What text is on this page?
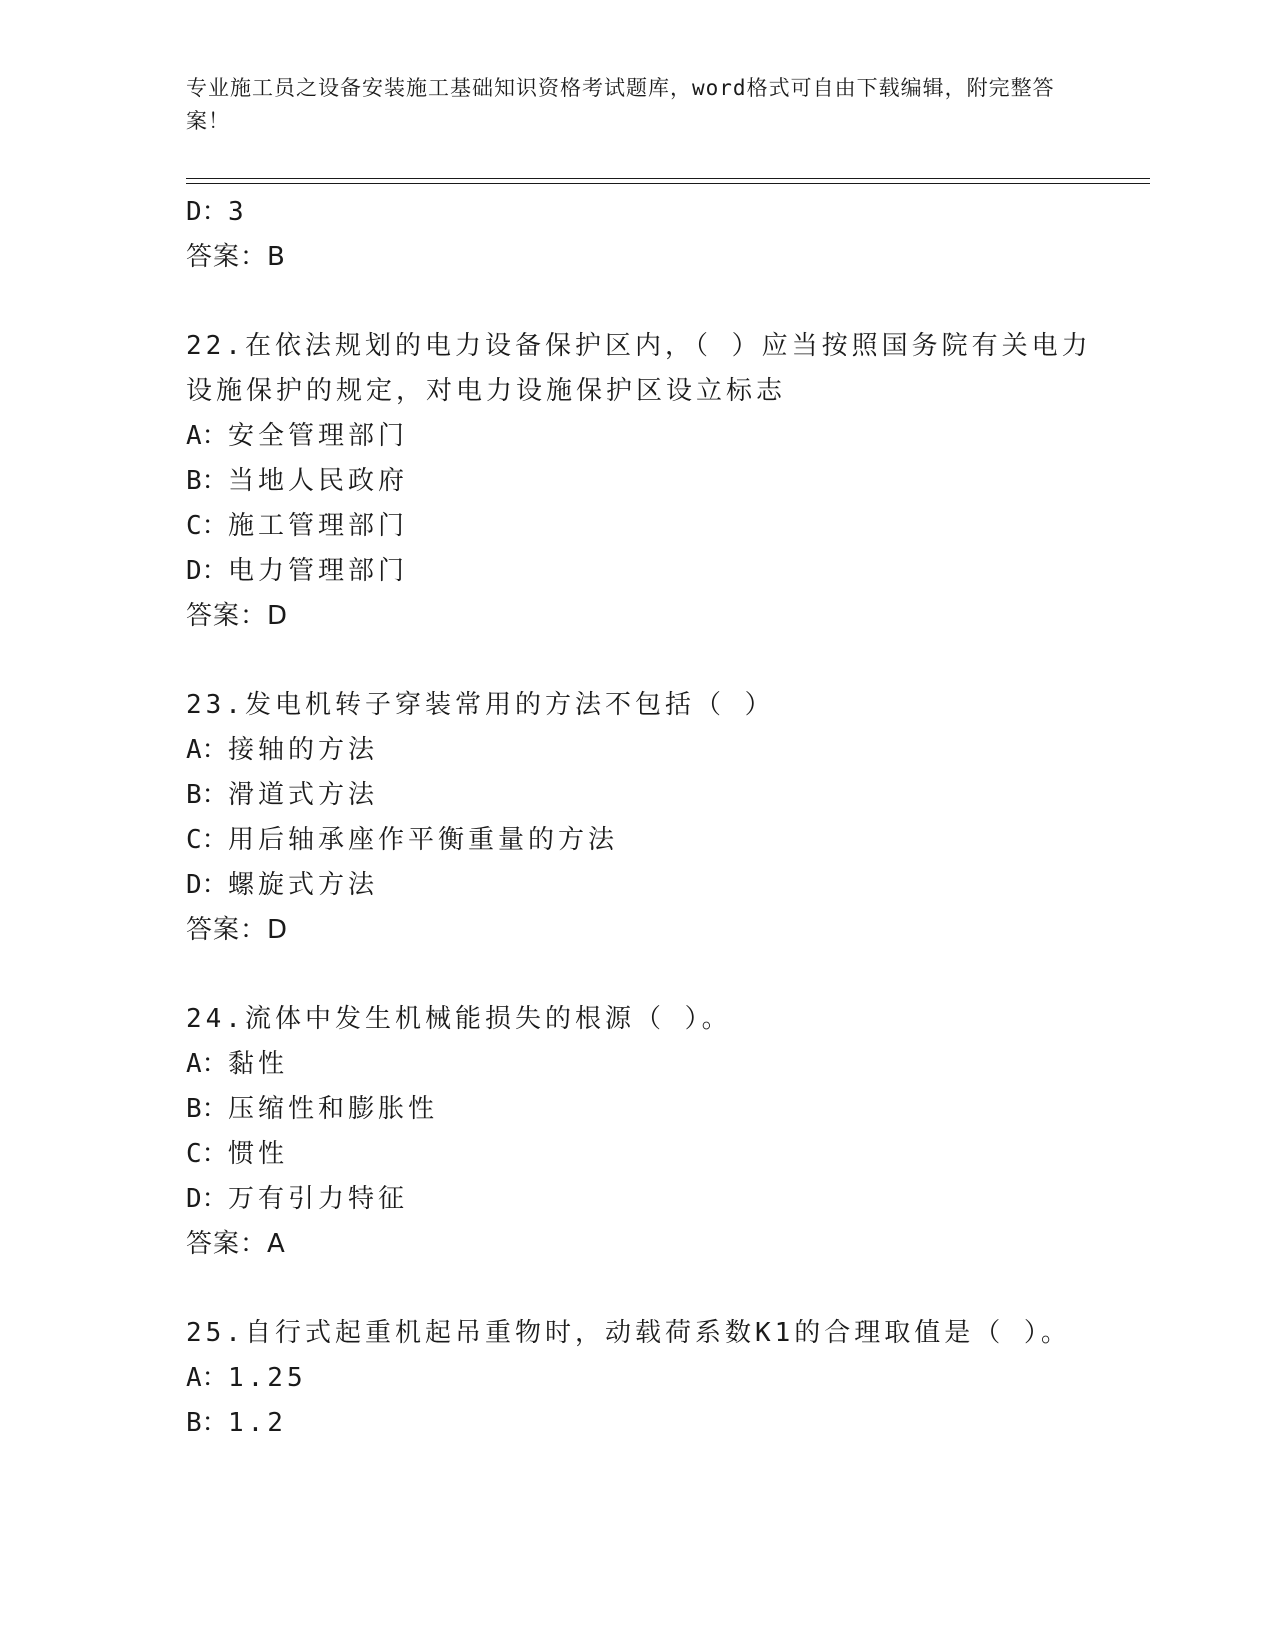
专业施工员之设备安装施工基础知识资格考试题库，word格式可自由下载编辑，附完整答案！
D：3
答案：B
22.在依法规划的电力设备保护区内，（ ）应当按照国务院有关电力
设施保护的规定，对电力设施保护区设立标志
A：安全管理部门
B：当地人民政府
C：施工管理部门
D：电力管理部门
答案：D
23.发电机转子穿装常用的方法不包括（ ）
A：接轴的方法
B：滑道式方法
C：用后轴承座作平衡重量的方法
D：螺旋式方法
答案：D
24.流体中发生机械能损失的根源（ ）。
A：黏性
B：压缩性和膨胀性
C：惯性
D：万有引力特征
答案：A
25.自行式起重机起吊重物时，动载荷系数K1的合理取值是（ ）。
A：1.25
B：1.2
